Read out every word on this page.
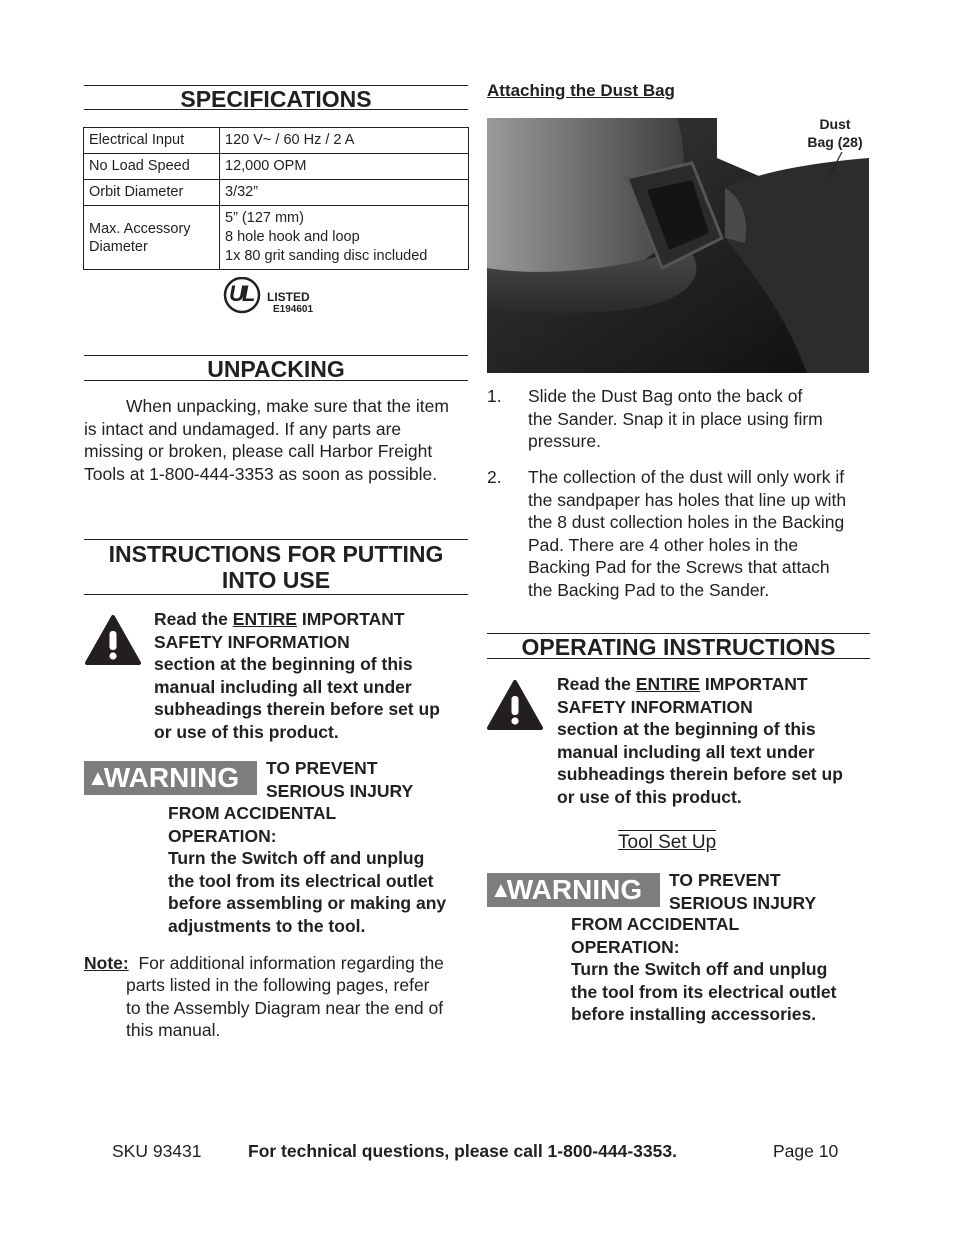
SPECIFICATIONS
Electrical Input	120 V~ / 60 Hz / 2 A
No Load Speed	12,000 OPM
Orbit Diameter	3/32”
Max. Accessory Diameter	5” (127 mm)
8 hole hook and loop
1x 80 grit sanding disc included
UL LISTED
E194601
UNPACKING
When unpacking, make sure that the item is intact and undamaged. If any parts are missing or broken, please call Harbor Freight Tools at 1-800-444-3353 as soon as possible.
INSTRUCTIONS FOR PUTTING
INTO USE
Read the ENTIRE IMPORTANT
SAFETY INFORMATION
section at the beginning of this
manual including all text under
subheadings therein before set up
or use of this product.
▲WARNING	TO PREVENT
SERIOUS INJURY
FROM ACCIDENTAL
OPERATION:
Turn the Switch off and unplug
the tool from its electrical outlet
before assembling or making any
adjustments to the tool.
Note: For additional information regarding the
parts listed in the following pages, refer
to the Assembly Diagram near the end of
this manual.
Attaching the Dust Bag
Dust
Bag (28)
1.	Slide the Dust Bag onto the back of
the Sander. Snap it in place using firm
pressure.
2.	The collection of the dust will only work if
the sandpaper has holes that line up with
the 8 dust collection holes in the Backing
Pad. There are 4 other holes in the
Backing Pad for the Screws that attach
the Backing Pad to the Sander.
OPERATING INSTRUCTIONS
Read the ENTIRE IMPORTANT
SAFETY INFORMATION
section at the beginning of this
manual including all text under
subheadings therein before set up
or use of this product.
Tool Set Up
▲WARNING	TO PREVENT
SERIOUS INJURY
FROM ACCIDENTAL
OPERATION:
Turn the Switch off and unplug
the tool from its electrical outlet
before installing accessories.
SKU 93431	For technical questions, please call 1-800-444-3353.	Page 10
